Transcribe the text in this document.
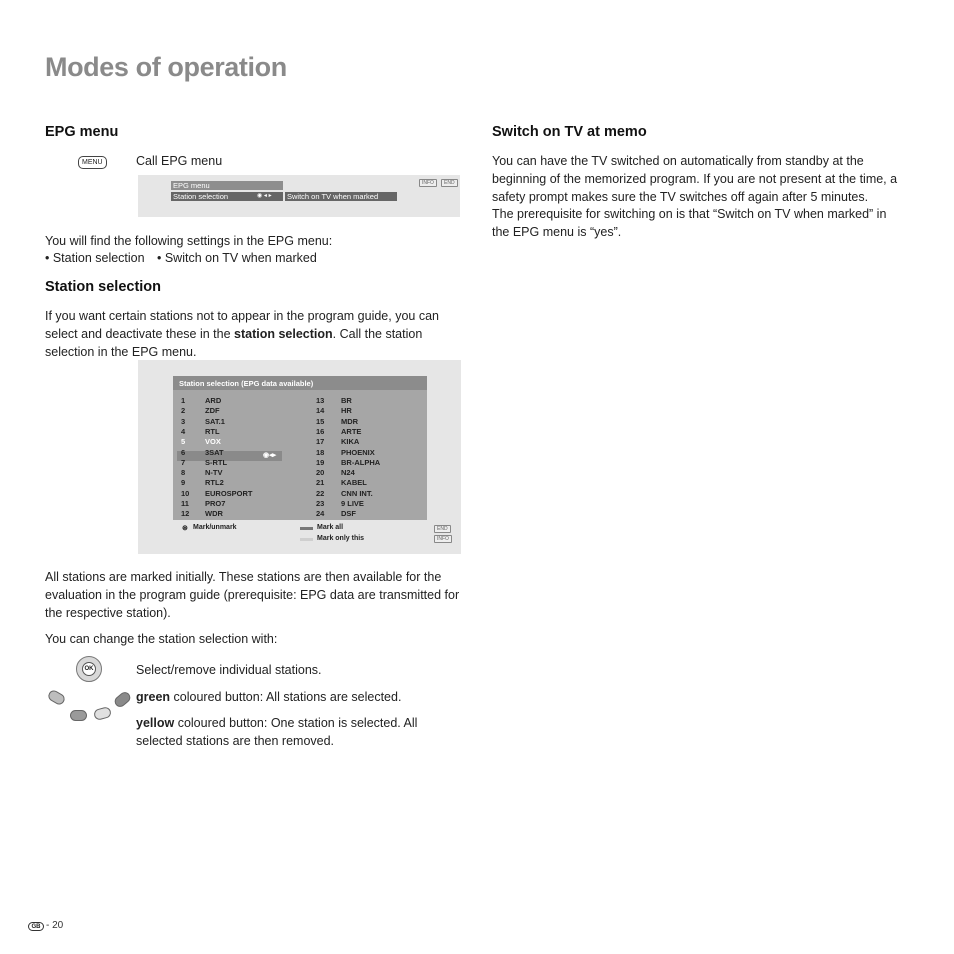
Modes of operation
EPG menu
MENU	Call EPG menu
EPG menu
Station selection	◉ ◂ ▸ Switch on TV when marked
INFO	END
You will find the following settings in the EPG menu:
• Station selection • Switch on TV when marked
Station selection
If you want certain stations not to appear in the program guide, you can select and deactivate these in the station selection. Call the station selection in the EPG menu.
Station selection (EPG data available)
◉◂▸
1	ARD
2	ZDF
3	SAT.1
4	RTL
5	VOX
6	3SAT
7	S-RTL
8	N-TV
9	RTL2
10 EUROSPORT
11 PRO7
12 WDR
13 BR
14 HR
15 MDR
16 ARTE
17 KIKA
18 PHOENIX
19 BR-ALPHA
20 N24
21 KABEL
22 CNN INT.
23 9 LIVE
24 DSF
⊛ Mark/unmark	Mark all
Mark only this
END
INFO
All stations are marked initially. These stations are then available for the evaluation in the program guide (prerequisite: EPG data are transmitted for the respective station).
You can change the station selection with:
OK	Select/remove individual stations.
green coloured button: All stations are selected.
yellow coloured button: One station is selected. All selected stations are then removed.
Switch on TV at memo
You can have the TV switched on automatically from standby at the beginning of the memorized program. If you are not present at the time, a safety prompt makes sure the TV switches off again after 5 minutes.
The prerequisite for switching on is that “Switch on TV when marked” in the EPG menu is “yes”.
GB - 20
